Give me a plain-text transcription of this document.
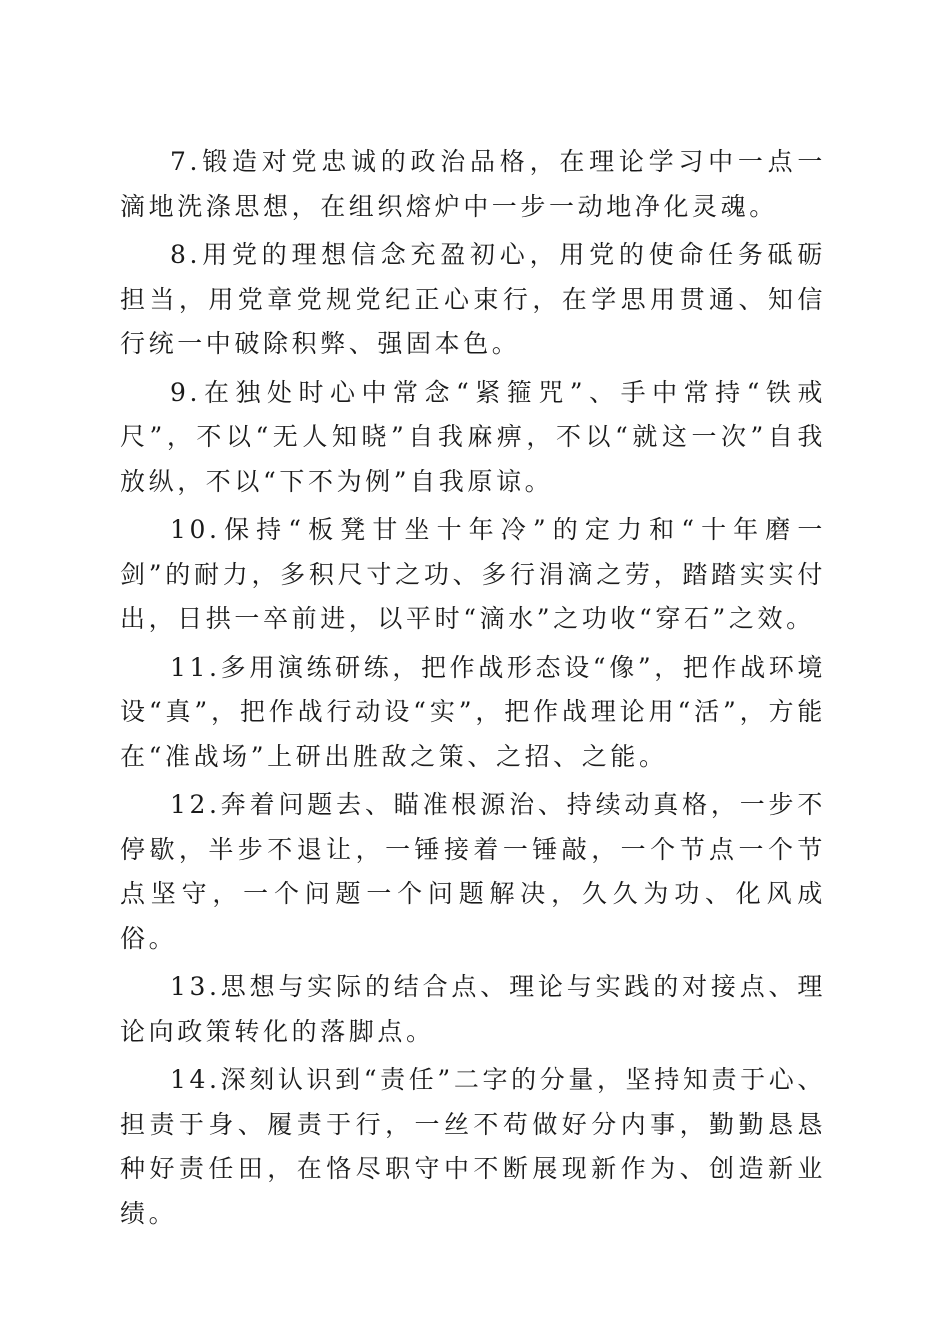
7.锻造对党忠诚的政治品格，在理论学习中一点一滴地洗涤思想，在组织熔炉中一步一动地净化灵魂。

8.用党的理想信念充盈初心，用党的使命任务砥砺担当，用党章党规党纪正心束行，在学思用贯通、知信行统一中破除积弊、强固本色。

9.在独处时心中常念“紧箍咒”、手中常持“铁戒尺”，不以“无人知晓”自我麻痹，不以“就这一次”自我放纵，不以“下不为例”自我原谅。

10.保持“板凳甘坐十年冷”的定力和“十年磨一剑”的耐力，多积尺寸之功、多行涓滴之劳，踏踏实实付出，日拱一卒前进，以平时“滴水”之功收“穿石”之效。

11.多用演练研练，把作战形态设“像”，把作战环境设“真”，把作战行动设“实”，把作战理论用“活”，方能在“准战场”上研出胜敌之策、之招、之能。

12.奔着问题去、瞄准根源治、持续动真格，一步不停歇，半步不退让，一锤接着一锤敲，一个节点一个节点坚守，一个问题一个问题解决，久久为功、化风成俗。

13.思想与实际的结合点、理论与实践的对接点、理论向政策转化的落脚点。

14.深刻认识到“责任”二字的分量，坚持知责于心、担责于身、履责于行，一丝不苟做好分内事，勤勤恳恳种好责任田，在恪尽职守中不断展现新作为、创造新业绩。
